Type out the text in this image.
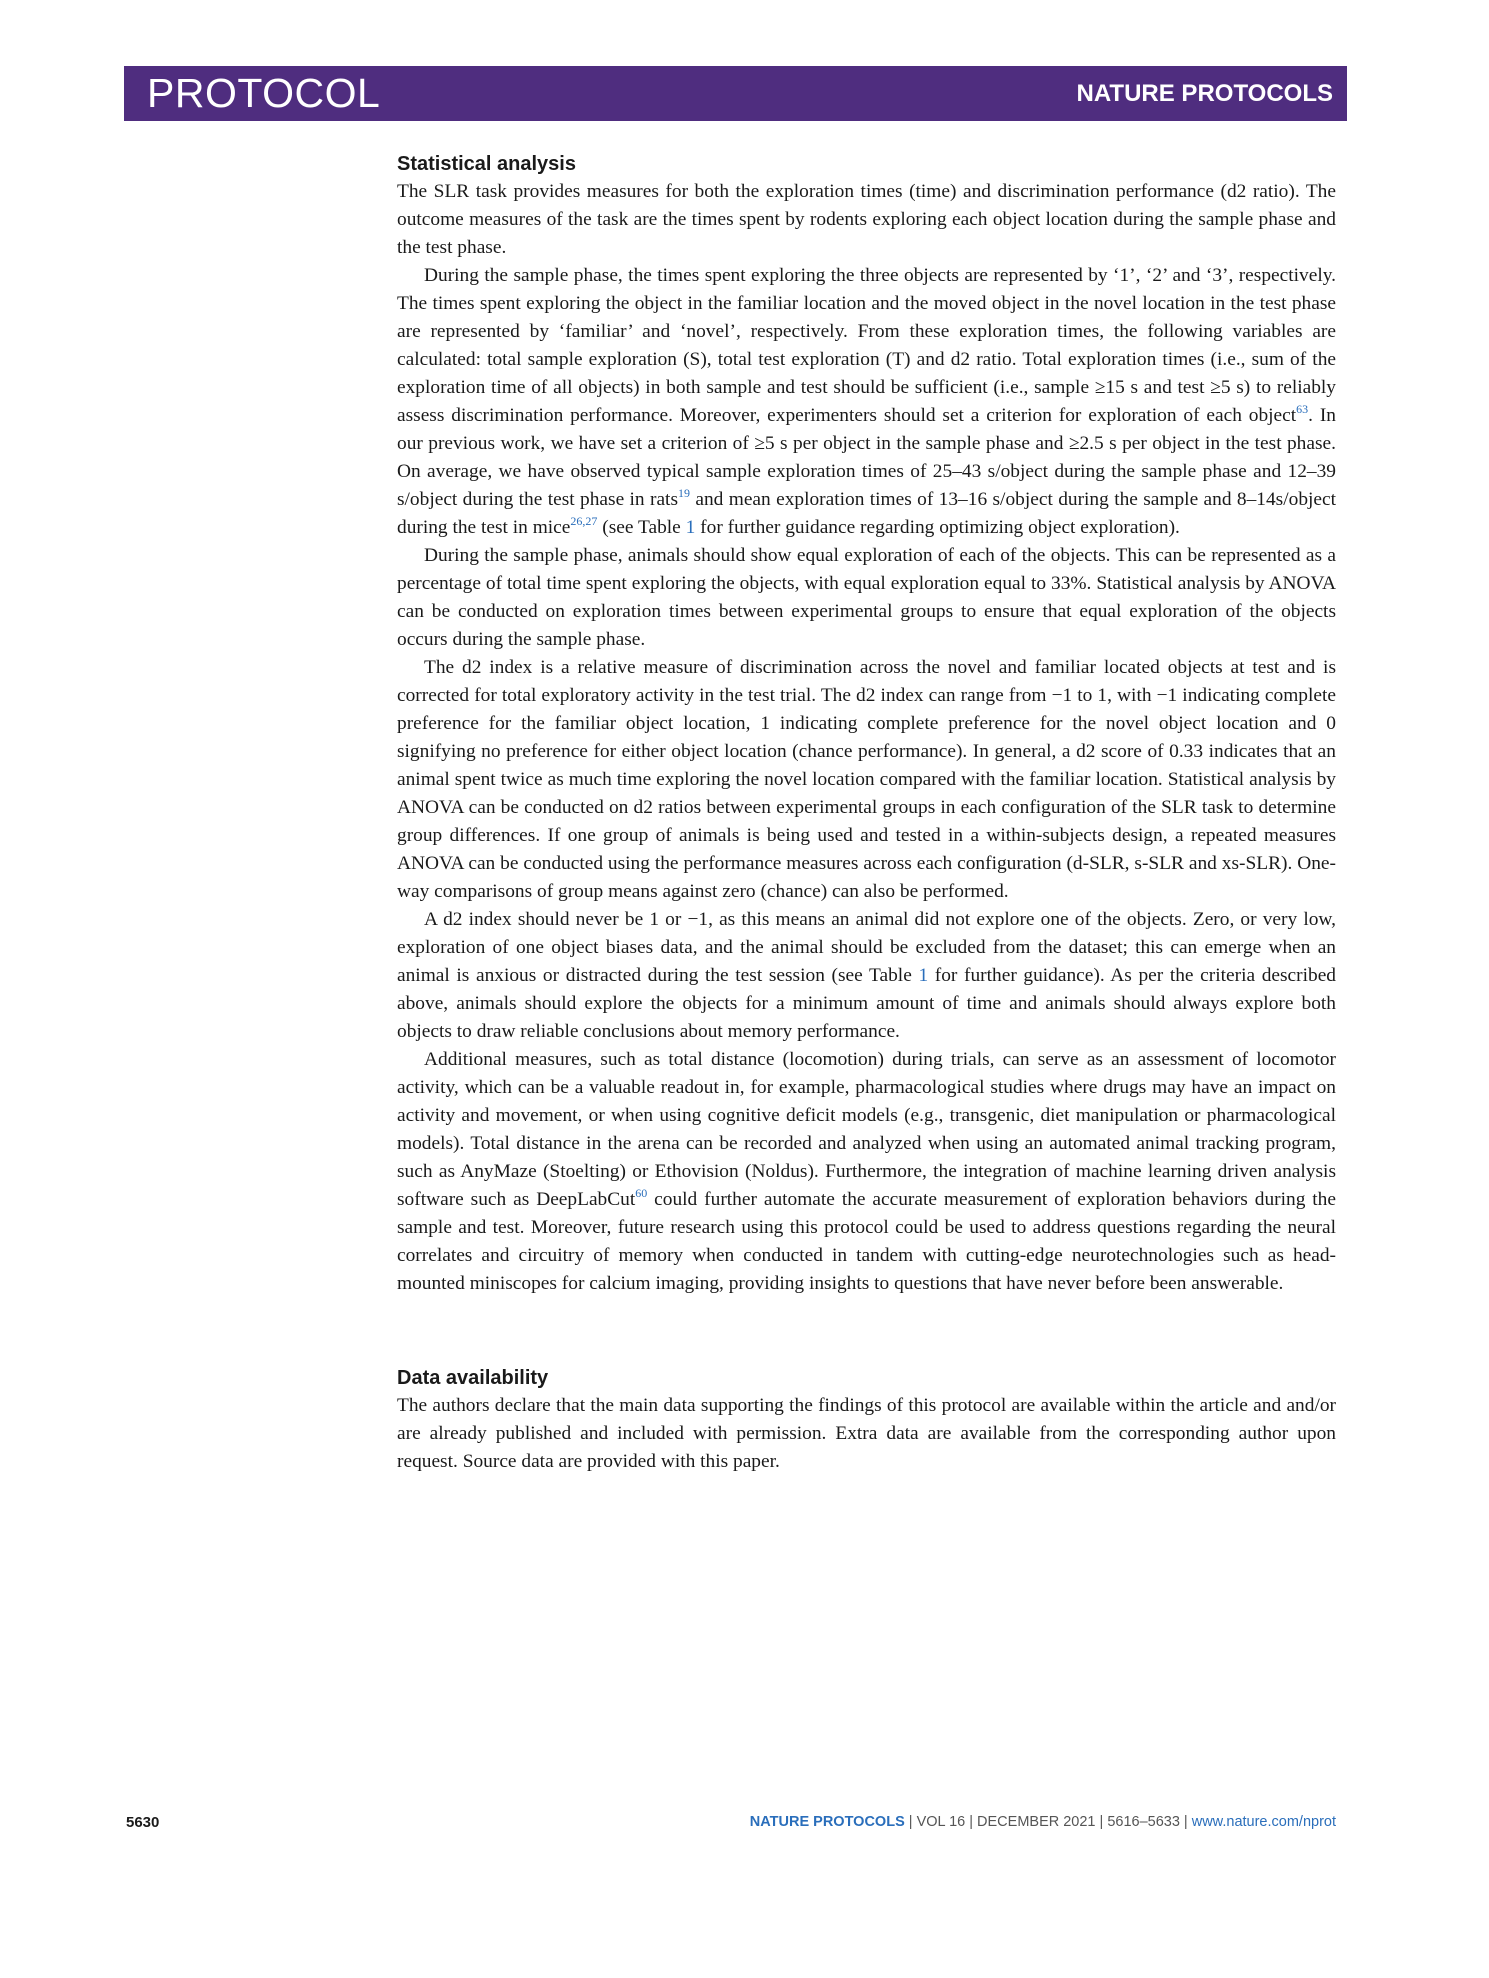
PROTOCOL	NATURE PROTOCOLS
Statistical analysis

The SLR task provides measures for both the exploration times (time) and discrimination performance (d2 ratio). The outcome measures of the task are the times spent by rodents exploring each object location during the sample phase and the test phase.

During the sample phase, the times spent exploring the three objects are represented by ‘1’, ‘2’ and ‘3’, respectively. The times spent exploring the object in the familiar location and the moved object in the novel location in the test phase are represented by ‘familiar’ and ‘novel’, respectively. From these exploration times, the following variables are calculated: total sample exploration (S), total test exploration (T) and d2 ratio. Total exploration times (i.e., sum of the exploration time of all objects) in both sample and test should be sufficient (i.e., sample ≥15 s and test ≥5 s) to reliably assess discrimination performance. Moreover, experimenters should set a criterion for exploration of each object$^{63}$. In our previous work, we have set a criterion of ≥5 s per object in the sample phase and ≥2.5 s per object in the test phase. On average, we have observed typical sample exploration times of 25–43 s/object during the sample phase and 12–39 s/object during the test phase in rats$^{19}$ and mean exploration times of 13–16 s/object during the sample and 8–14s/object during the test in mice$^{26,27}$ (see Table 1 for further guidance regarding optimizing object exploration).

During the sample phase, animals should show equal exploration of each of the objects. This can be represented as a percentage of total time spent exploring the objects, with equal exploration equal to 33%. Statistical analysis by ANOVA can be conducted on exploration times between experimental groups to ensure that equal exploration of the objects occurs during the sample phase.

The d2 index is a relative measure of discrimination across the novel and familiar located objects at test and is corrected for total exploratory activity in the test trial. The d2 index can range from −1 to 1, with −1 indicating complete preference for the familiar object location, 1 indicating complete preference for the novel object location and 0 signifying no preference for either object location (chance performance). In general, a d2 score of 0.33 indicates that an animal spent twice as much time exploring the novel location compared with the familiar location. Statistical analysis by ANOVA can be conducted on d2 ratios between experimental groups in each configuration of the SLR task to determine group differences. If one group of animals is being used and tested in a within-subjects design, a repeated measures ANOVA can be conducted using the performance measures across each configuration (d-SLR, s-SLR and xs-SLR). One-way comparisons of group means against zero (chance) can also be performed.

A d2 index should never be 1 or −1, as this means an animal did not explore one of the objects. Zero, or very low, exploration of one object biases data, and the animal should be excluded from the dataset; this can emerge when an animal is anxious or distracted during the test session (see Table 1 for further guidance). As per the criteria described above, animals should explore the objects for a minimum amount of time and animals should always explore both objects to draw reliable conclusions about memory performance.

Additional measures, such as total distance (locomotion) during trials, can serve as an assessment of locomotor activity, which can be a valuable readout in, for example, pharmacological studies where drugs may have an impact on activity and movement, or when using cognitive deficit models (e.g., transgenic, diet manipulation or pharmacological models). Total distance in the arena can be recorded and analyzed when using an automated animal tracking program, such as AnyMaze (Stoelting) or Ethovision (Noldus). Furthermore, the integration of machine learning driven analysis software such as DeepLabCut$^{60}$ could further automate the accurate measurement of exploration behaviors during the sample and test. Moreover, future research using this protocol could be used to address questions regarding the neural correlates and circuitry of memory when conducted in tandem with cutting-edge neurotechnologies such as head-mounted miniscopes for calcium imaging, providing insights to questions that have never before been answerable.

Data availability

The authors declare that the main data supporting the findings of this protocol are available within the article and and/or are already published and included with permission. Extra data are available from the corresponding author upon request. Source data are provided with this paper.

5630	NATURE PROTOCOLS | VOL 16 | DECEMBER 2021 | 5616–5633 | www.nature.com/nprot
